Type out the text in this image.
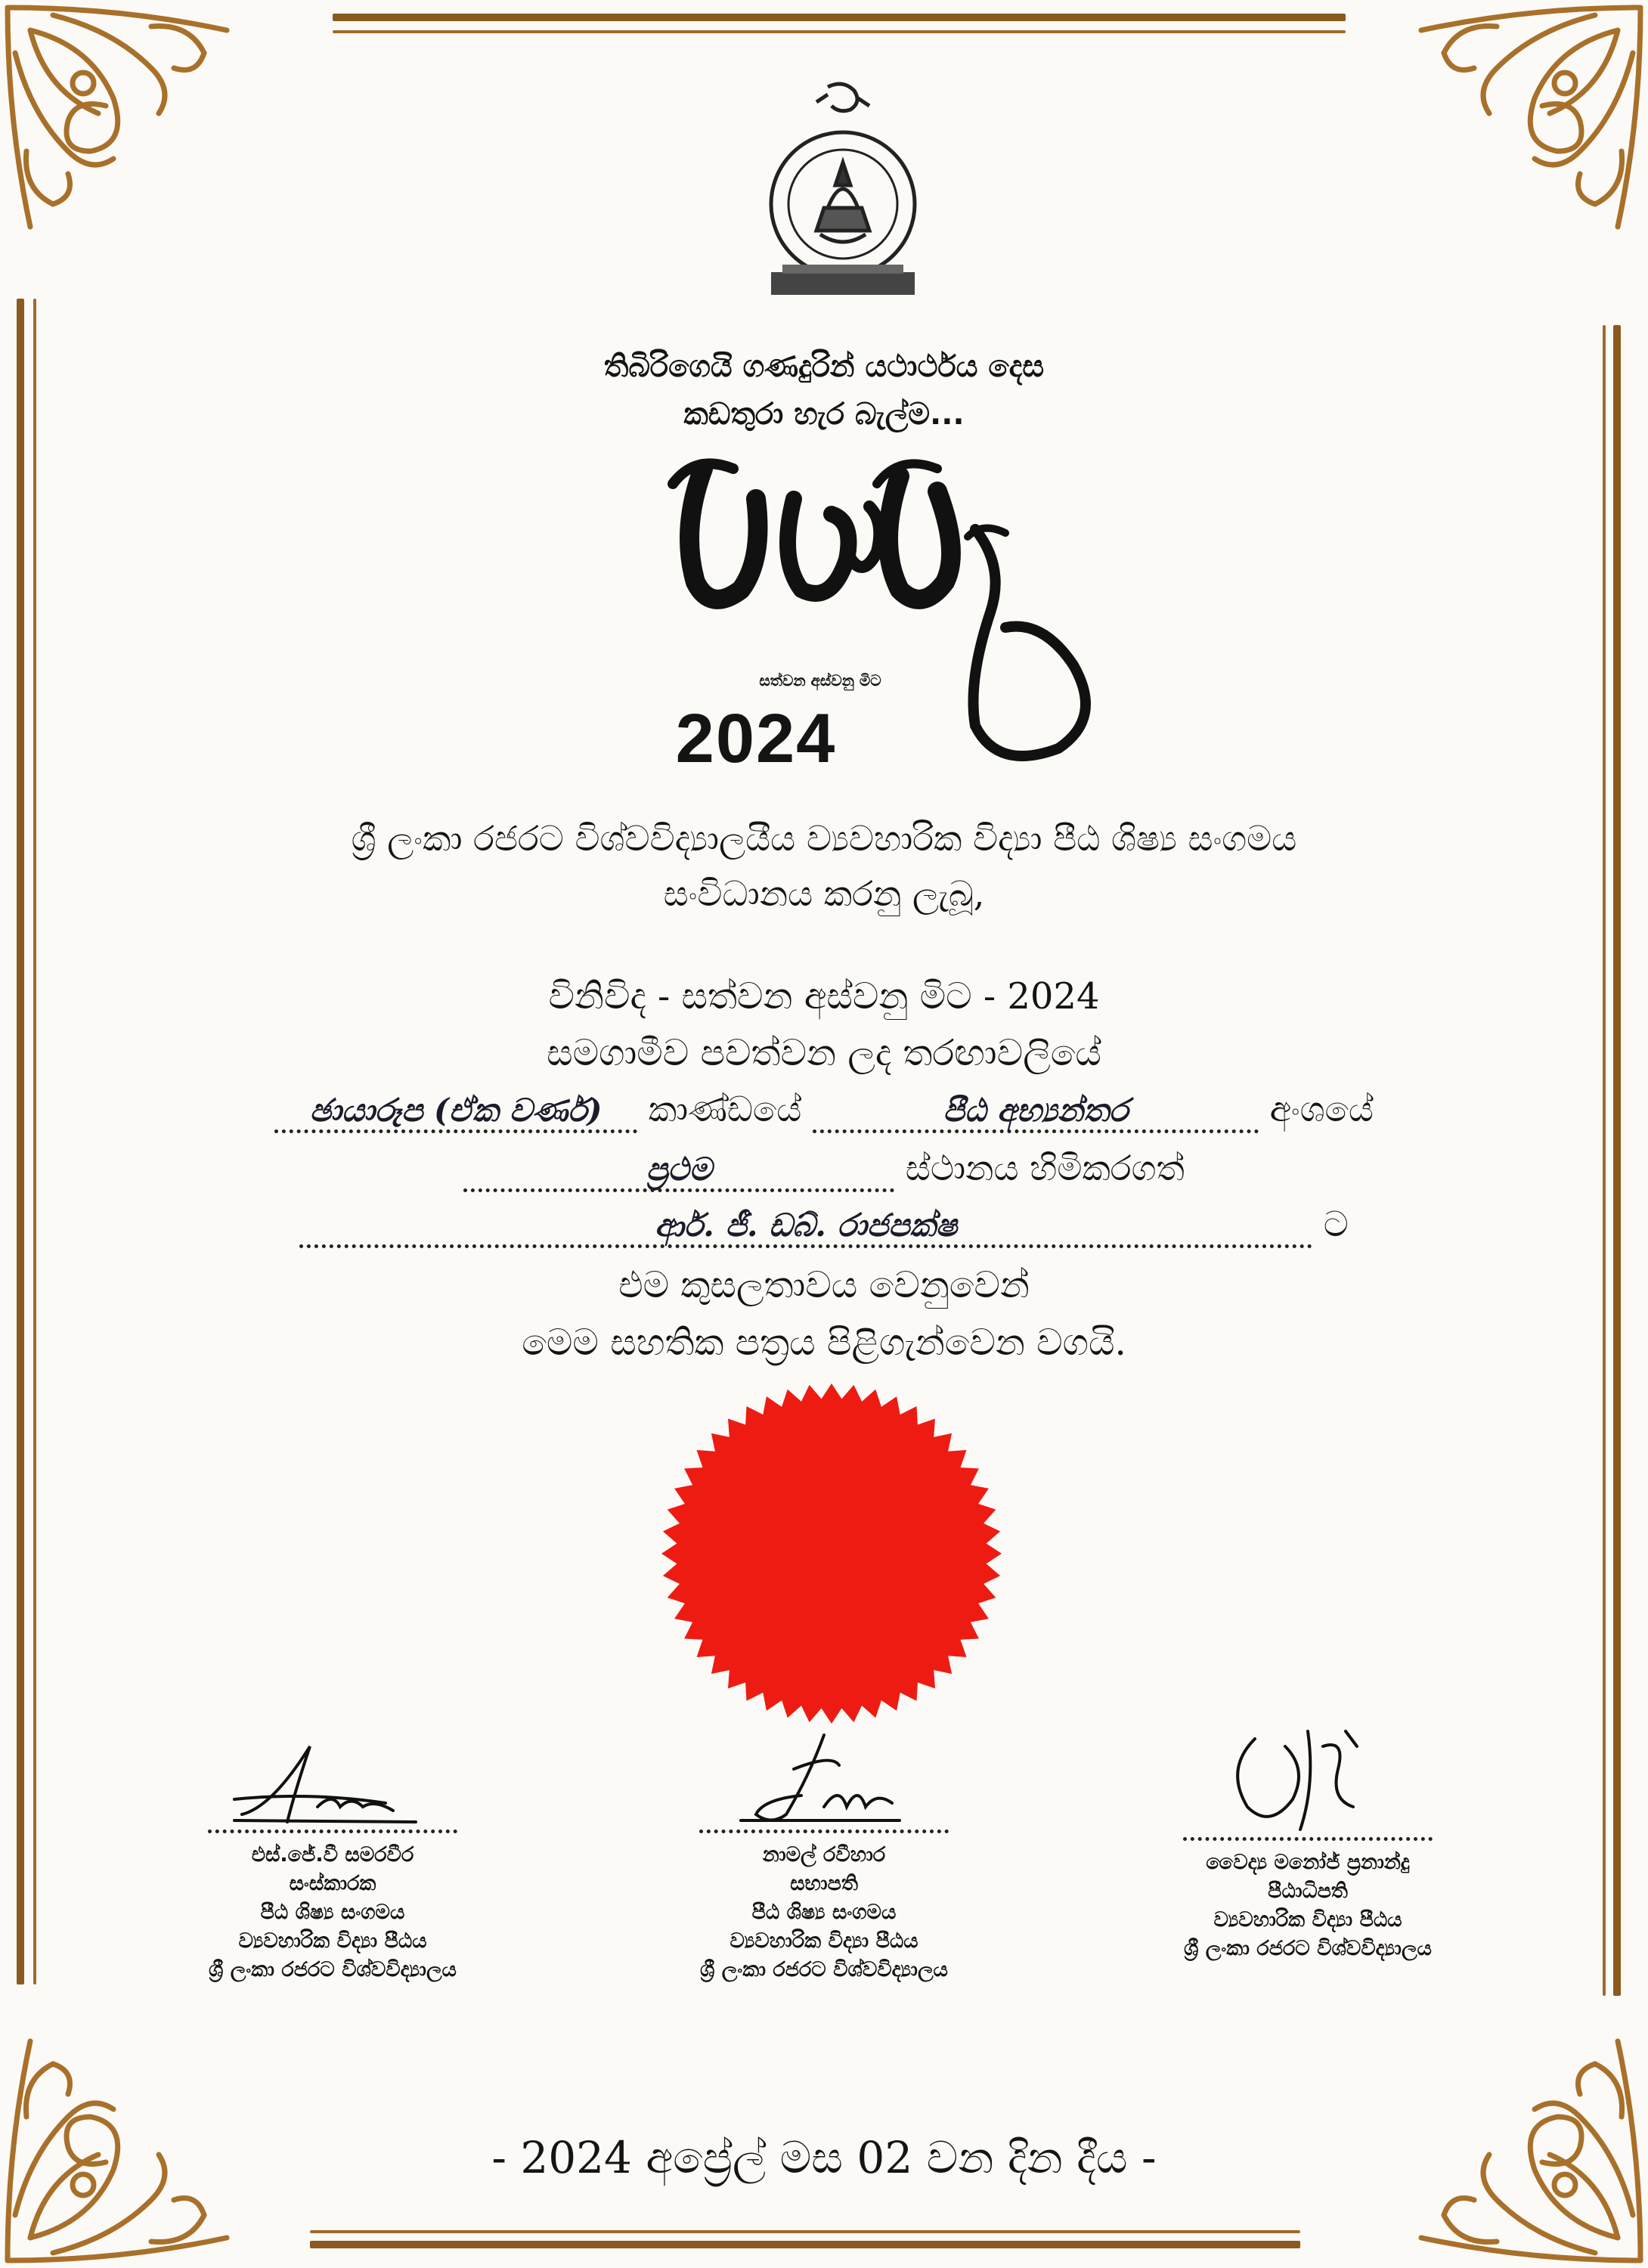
තිබිරිගෙයි ගණදුරින් යථාර්ථය දෙස
කඩතුරා හැර බැල්ම...
සත්වන අස්වනු මිට
2024
ශ්‍රී ලංකා රජරට විශ්වවිද්‍යාලයීය ව්‍යවහාරික විද්‍යා පීඨ ශිෂ්‍ය සංගමය
සංවිධානය කරනු ලැබූ,
විනිවිද - සත්වන අස්වනු මිට - 2024
සමගාමීව පවත්වන ලද තරඟාවලියේ
ඡායාරූප (ඒක වර්ණ) කාණ්ඩයේ	පීඨ අභ්‍යන්තර	අංශයේ
ප්‍රථම	ස්ථානය හිමිකරගත්
ආර්. ජී. ඩබ්. රාජපක්ෂ	ට
එම කුසලතාවය වෙනුවෙන්
මෙම සහතික පත්‍රය පිළිගැන්වෙන වගයි.
එස්.ජේ.වී සමරවීර
සංස්කාරක
පීඨ ශිෂ්‍ය සංගමය
ව්‍යවහාරික විද්‍යා පීඨය
ශ්‍රී ලංකා රජරට විශ්වවිද්‍යාලය
නාමල් රවීහාර
සභාපති
පීඨ ශිෂ්‍ය සංගමය
ව්‍යවහාරික විද්‍යා පීඨය
ශ්‍රී ලංකා රජරට විශ්වවිද්‍යාලය
වෛද්‍ය මනෝජ් ප්‍රනාන්දු
පීඨාධිපති
ව්‍යවහාරික විද්‍යා පීඨය
ශ්‍රී ලංකා රජරට විශ්වවිද්‍යාලය
- 2024 අප්‍රේල් මස 02 වන දින දීය -
